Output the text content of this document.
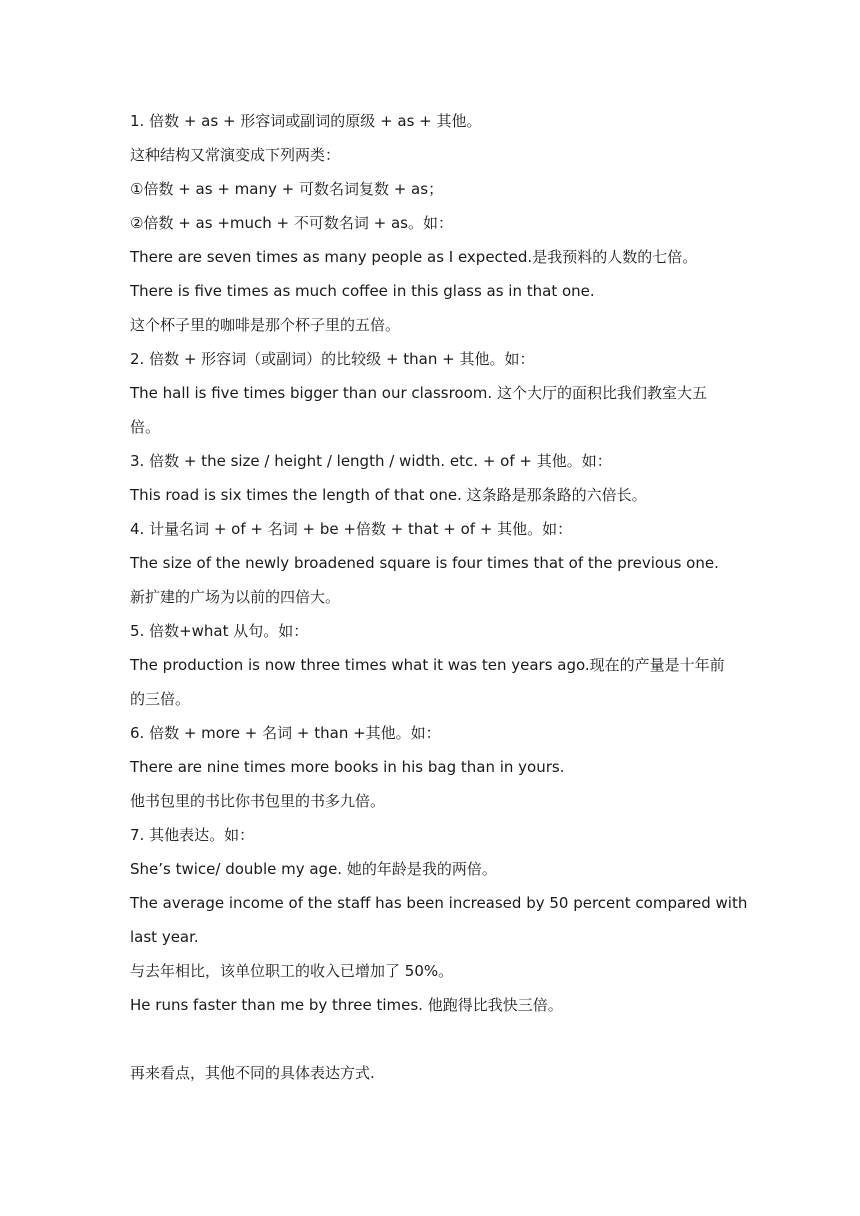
1. 倍数 + as + 形容词或副词的原级 + as + 其他。
这种结构又常演变成下列两类：
①倍数 + as + many + 可数名词复数 + as；
②倍数 + as +much + 不可数名词 + as。如：
There are seven times as many people as I expected.是我预料的人数的七倍。
There is five times as much coffee in this glass as in that one.
这个杯子里的咖啡是那个杯子里的五倍。
2. 倍数 + 形容词（或副词）的比较级 + than + 其他。如：
The hall is five times bigger than our classroom. 这个大厅的面积比我们教室大五
倍。
3. 倍数 + the size / height / length / width. etc. + of + 其他。如：
This road is six times the length of that one. 这条路是那条路的六倍长。
4. 计量名词 + of + 名词 + be +倍数 + that + of + 其他。如：
The size of the newly broadened square is four times that of the previous one.
新扩建的广场为以前的四倍大。
5. 倍数+what 从句。如：
The production is now three times what it was ten years ago.现在的产量是十年前
的三倍。
6. 倍数 + more + 名词 + than +其他。如：
There are nine times more books in his bag than in yours.
他书包里的书比你书包里的书多九倍。
7. 其他表达。如：
She’s twice/ double my age. 她的年龄是我的两倍。
The average income of the staff has been increased by 50 percent compared with
last year.
与去年相比，该单位职工的收入已增加了 50%。
He runs faster than me by three times. 他跑得比我快三倍。
再来看点，其他不同的具体表达方式.
